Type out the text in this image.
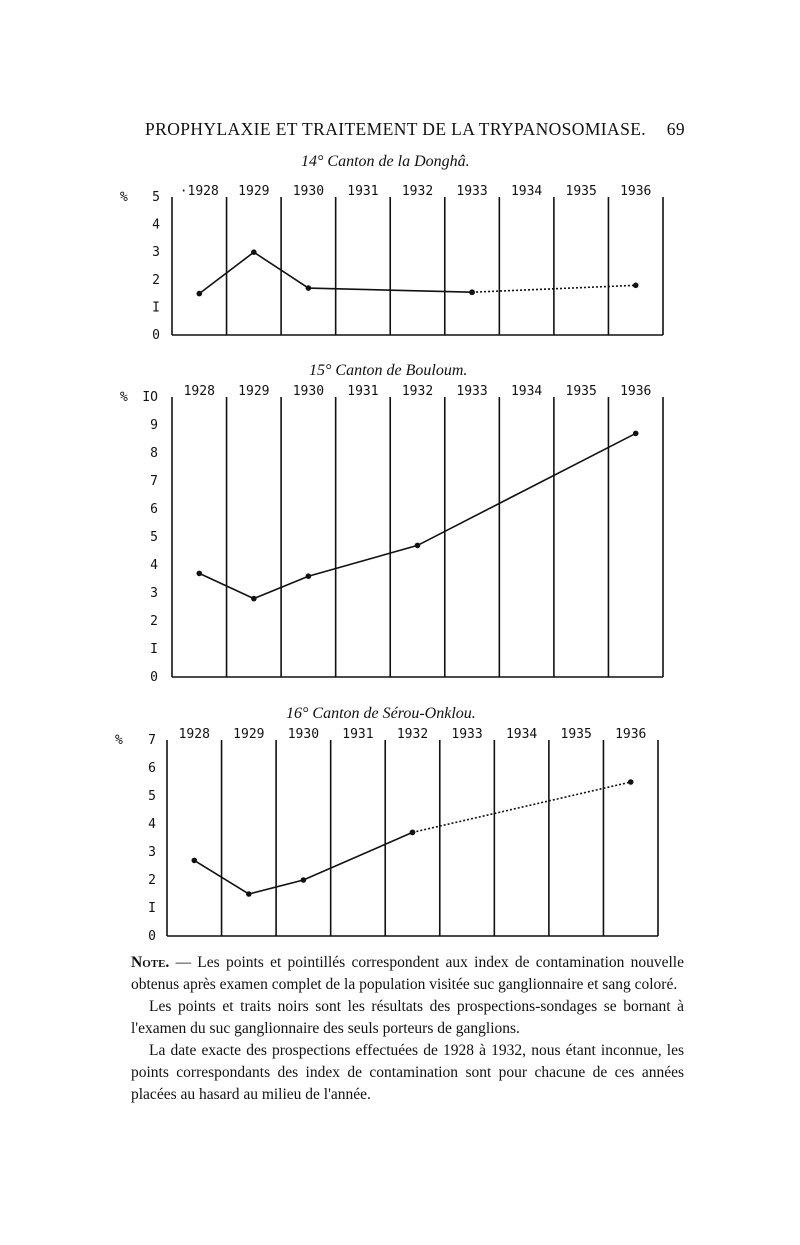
PROPHYLAXIE ET TRAITEMENT DE LA TRYPANOSOMIASE. 69
14° Canton de la Donghâ.
·1928 1929 1930 1931 1932 1933 1934 1935 1936
0
I
2
3
4
5
%
15° Canton de Bouloum.
1928 1929 1930 1931 1932 1933 1934 1935 1936
0
I
2
3
4
5
6
7
8
9
IO
%
16° Canton de Sérou-Onklou.
1928 1929 1930 1931 1932 1933 1934 1935 1936
0
I
2
3
4
5
6
7
%

Note. — Les points et pointillés correspondent aux index de contamination nouvelle obtenus après examen complet de la population visitée suc ganglionnaire et sang coloré.

Les points et traits noirs sont les résultats des prospections-sondages se bornant à l'examen du suc ganglionnaire des seuls porteurs de ganglions.

La date exacte des prospections effectuées de 1928 à 1932, nous étant inconnue, les points correspondants des index de contamination sont pour chacune de ces années placées au hasard au milieu de l'année.
